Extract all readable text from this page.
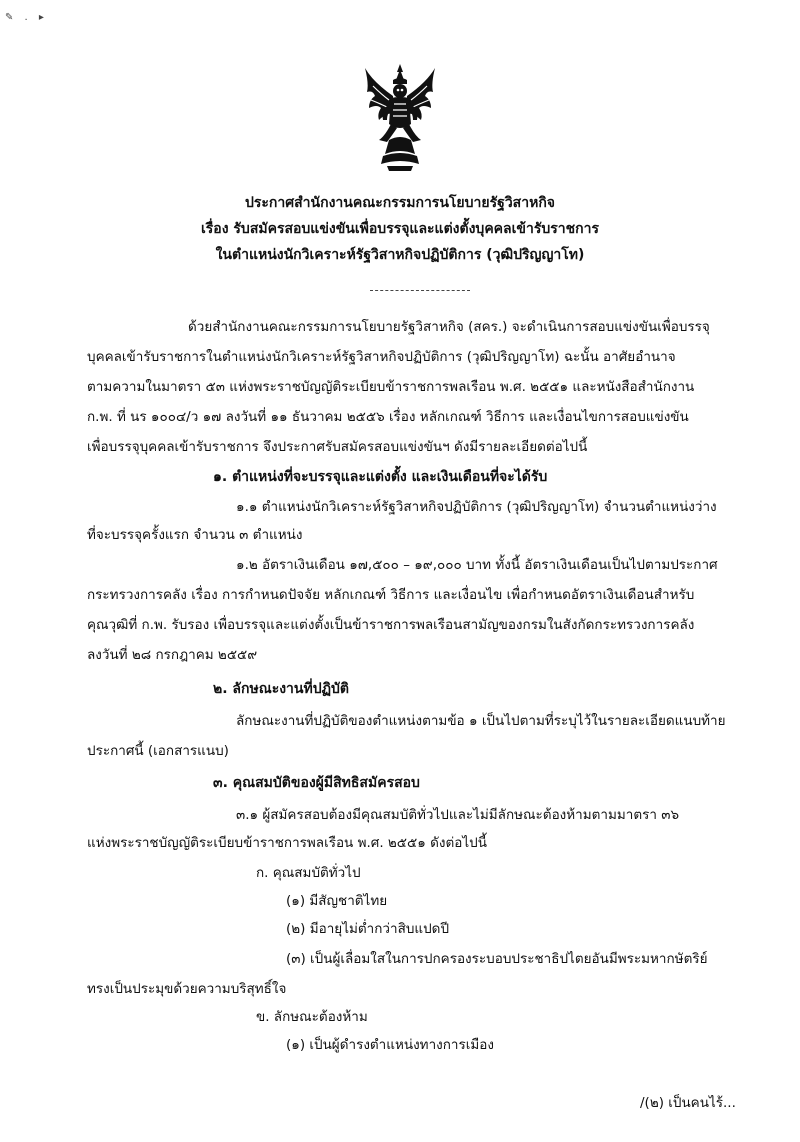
✎ . ▸
ประกาศสำนักงานคณะกรรมการนโยบายรัฐวิสาหกิจ
เรื่อง รับสมัครสอบแข่งขันเพื่อบรรจุและแต่งตั้งบุคคลเข้ารับราชการ
ในตำแหน่งนักวิเคราะห์รัฐวิสาหกิจปฏิบัติการ (วุฒิปริญญาโท)
ด้วยสำนักงานคณะกรรมการนโยบายรัฐวิสาหกิจ (สคร.) จะดำเนินการสอบแข่งขันเพื่อบรรจุ
บุคคลเข้ารับราชการในตำแหน่งนักวิเคราะห์รัฐวิสาหกิจปฏิบัติการ (วุฒิปริญญาโท) ฉะนั้น อาศัยอำนาจ
ตามความในมาตรา ๕๓ แห่งพระราชบัญญัติระเบียบข้าราชการพลเรือน พ.ศ. ๒๕๕๑ และหนังสือสำนักงาน
ก.พ. ที่ นร ๑๐๐๔/ว ๑๗ ลงวันที่ ๑๑ ธันวาคม ๒๕๕๖ เรื่อง หลักเกณฑ์ วิธีการ และเงื่อนไขการสอบแข่งขัน
เพื่อบรรจุบุคคลเข้ารับราชการ จึงประกาศรับสมัครสอบแข่งขันฯ ดังมีรายละเอียดต่อไปนี้
๑. ตำแหน่งที่จะบรรจุและแต่งตั้ง และเงินเดือนที่จะได้รับ
๑.๑ ตำแหน่งนักวิเคราะห์รัฐวิสาหกิจปฏิบัติการ (วุฒิปริญญาโท) จำนวนตำแหน่งว่าง
ที่จะบรรจุครั้งแรก จำนวน ๓ ตำแหน่ง
๑.๒ อัตราเงินเดือน ๑๗,๕๐๐ – ๑๙,๐๐๐ บาท ทั้งนี้ อัตราเงินเดือนเป็นไปตามประกาศ
กระทรวงการคลัง เรื่อง การกำหนดปัจจัย หลักเกณฑ์ วิธีการ และเงื่อนไข เพื่อกำหนดอัตราเงินเดือนสำหรับ
คุณวุฒิที่ ก.พ. รับรอง เพื่อบรรจุและแต่งตั้งเป็นข้าราชการพลเรือนสามัญของกรมในสังกัดกระทรวงการคลัง
ลงวันที่ ๒๘ กรกฎาคม ๒๕๕๙
๒. ลักษณะงานที่ปฏิบัติ
ลักษณะงานที่ปฏิบัติของตำแหน่งตามข้อ ๑ เป็นไปตามที่ระบุไว้ในรายละเอียดแนบท้าย
ประกาศนี้ (เอกสารแนบ)
๓. คุณสมบัติของผู้มีสิทธิสมัครสอบ
๓.๑ ผู้สมัครสอบต้องมีคุณสมบัติทั่วไปและไม่มีลักษณะต้องห้ามตามมาตรา ๓๖
แห่งพระราชบัญญัติระเบียบข้าราชการพลเรือน พ.ศ. ๒๕๕๑ ดังต่อไปนี้
ก. คุณสมบัติทั่วไป
(๑) มีสัญชาติไทย
(๒) มีอายุไม่ต่ำกว่าสิบแปดปี
(๓) เป็นผู้เลื่อมใสในการปกครองระบอบประชาธิปไตยอันมีพระมหากษัตริย์
ทรงเป็นประมุขด้วยความบริสุทธิ์ใจ
ข. ลักษณะต้องห้าม
(๑) เป็นผู้ดำรงตำแหน่งทางการเมือง
/(๒) เป็นคนไร้...
